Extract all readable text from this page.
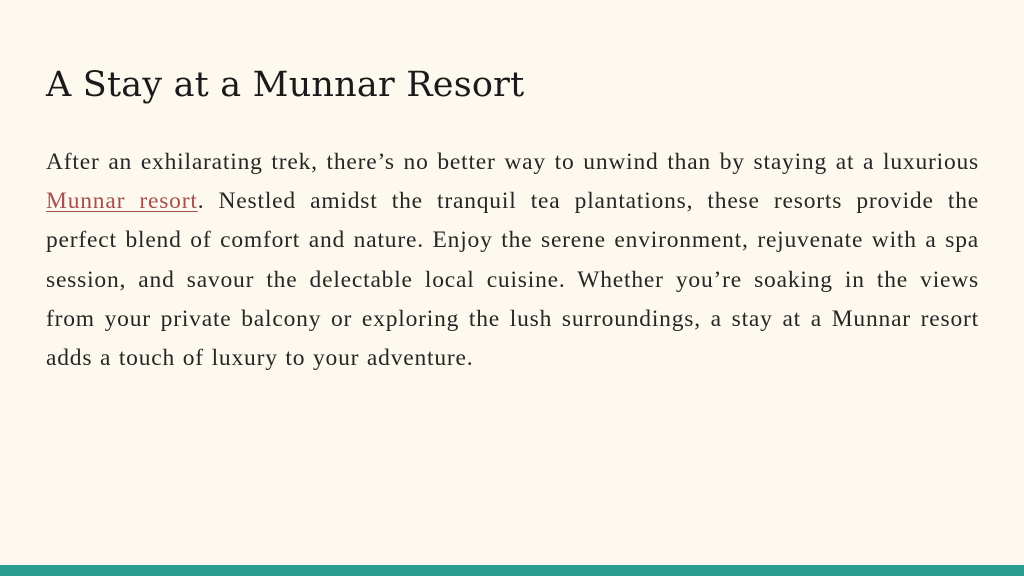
A Stay at a Munnar Resort

After an exhilarating trek, there’s no better way to unwind than by staying at a luxurious Munnar resort. Nestled amidst the tranquil tea plantations, these resorts provide the perfect blend of comfort and nature. Enjoy the serene environment, rejuvenate with a spa session, and savour the delectable local cuisine. Whether you’re soaking in the views from your private balcony or exploring the lush surroundings, a stay at a Munnar resort adds a touch of luxury to your adventure.
